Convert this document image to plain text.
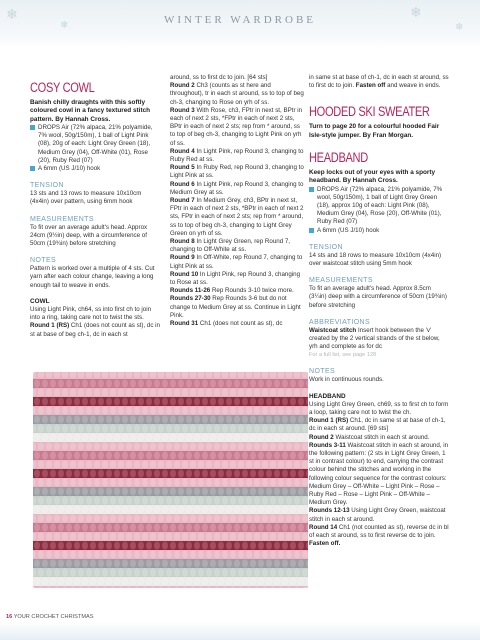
❄
❄
❄
❄
WINTER WARDROBE
COSY COWL
Banish chilly draughts with this softly coloured cowl in a fancy textured stitch pattern. By Hannah Cross.
DROPS Air (72% alpaca, 21% polyamide, 7% wool, 50g/150m), 1 ball of Light Pink (08), 20g of each: Light Grey Green (18), Medium Grey (04), Off-White (01), Rose (20), Ruby Red (07)
A 6mm (US J/10) hook
TENSION
13 sts and 13 rows to measure 10x10cm (4x4in) over pattern, using 6mm hook
MEASUREMENTS
To fit over an average adult's head. Approx 24cm (9½in) deep, with a circumference of 50cm (19¾in) before stretching
NOTES
Pattern is worked over a multiple of 4 sts. Cut yarn after each colour change, leaving a long enough tail to weave in ends.
COWL
Using Light Pink, ch64, ss into first ch to join into a ring, taking care not to twist the sts. Round 1 (RS) Ch1 (does not count as st), dc in st at base of beg ch-1, dc in each st
around, ss to first dc to join. [64 sts]
Round 2 Ch3 (counts as st here and throughout), tr in each st around, ss to top of beg ch-3, changing to Rose on yrh of ss.
Round 3 With Rose, ch3, FPtr in next st, BPtr in each of next 2 sts, *FPtr in each of next 2 sts, BPtr in each of next 2 sts; rep from * around, ss to top of beg ch-3, changing to Light Pink on yrh of ss.
Round 4 In Light Pink, rep Round 3, changing to Ruby Red at ss.
Round 5 In Ruby Red, rep Round 3, changing to Light Pink at ss.
Round 6 In Light Pink, rep Round 3, changing to Medium Grey at ss.
Round 7 In Medium Grey, ch3, BPtr in next st, FPtr in each of next 2 sts, *BPtr in each of next 2 sts, FPtr in each of next 2 sts; rep from * around, ss to top of beg ch-3, changing to Light Grey Green on yrh of ss.
Round 8 In Light Grey Green, rep Round 7, changing to Off-White at ss.
Round 9 In Off-White, rep Round 7, changing to Light Pink at ss.
Round 10 In Light Pink, rep Round 3, changing to Rose at ss.
Rounds 11-26 Rep Rounds 3-10 twice more.
Rounds 27-30 Rep Rounds 3-6 but do not change to Medium Grey at ss. Continue in Light Pink.
Round 31 Ch1 (does not count as st), dc
in same st at base of ch-1, dc in each st around, ss to first dc to join. Fasten off and weave in ends.
HOODED SKI SWEATER
Turn to page 20 for a colourful hooded Fair Isle-style jumper. By Fran Morgan.
HEADBAND
Keep locks out of your eyes with a sporty headband. By Hannah Cross.
DROPS Air (72% alpaca, 21% polyamide, 7% wool, 50g/150m), 1 ball of Light Grey Green (18), approx 10g of each: Light Pink (08), Medium Grey (04), Rose (20), Off-White (01), Ruby Red (07)
A 6mm (US J/10) hook
TENSION
14 sts and 18 rows to measure 10x10cm (4x4in) over waistcoat stitch using 5mm hook
MEASUREMENTS
To fit an average adult's head. Approx 8.5cm (3¼in) deep with a circumference of 50cm (19¾in) before stretching
ABBREVIATIONS
Waistcoat stitch Insert hook between the 'v' created by the 2 vertical strands of the st below, yrh and complete as for dc
For a full list, see page 128
NOTES
Work in continuous rounds.
HEADBAND
Using Light Grey Green, ch69, ss to first ch to form a loop, taking care not to twist the ch.
Round 1 (RS) Ch1, dc in same st at base of ch-1, dc in each st around. [69 sts]
Round 2 Waistcoat stitch in each st around.
Rounds 3-11 Waistcoat stitch in each st around, in the following pattern: (2 sts in Light Grey Green, 1 st in contrast colour) to end, carrying the contrast colour behind the stitches and working in the following colour sequence for the contrast colours: Medium Grey – Off-White – Light Pink – Rose – Ruby Red – Rose – Light Pink – Off-White – Medium Grey.
Rounds 12-13 Using Light Grey Green, waistcoat stitch in each st around.
Round 14 Ch1 (not counted as st), reverse dc in bl of each st around, ss to first reverse dc to join. Fasten off.
16 YOUR CROCHET CHRISTMAS
